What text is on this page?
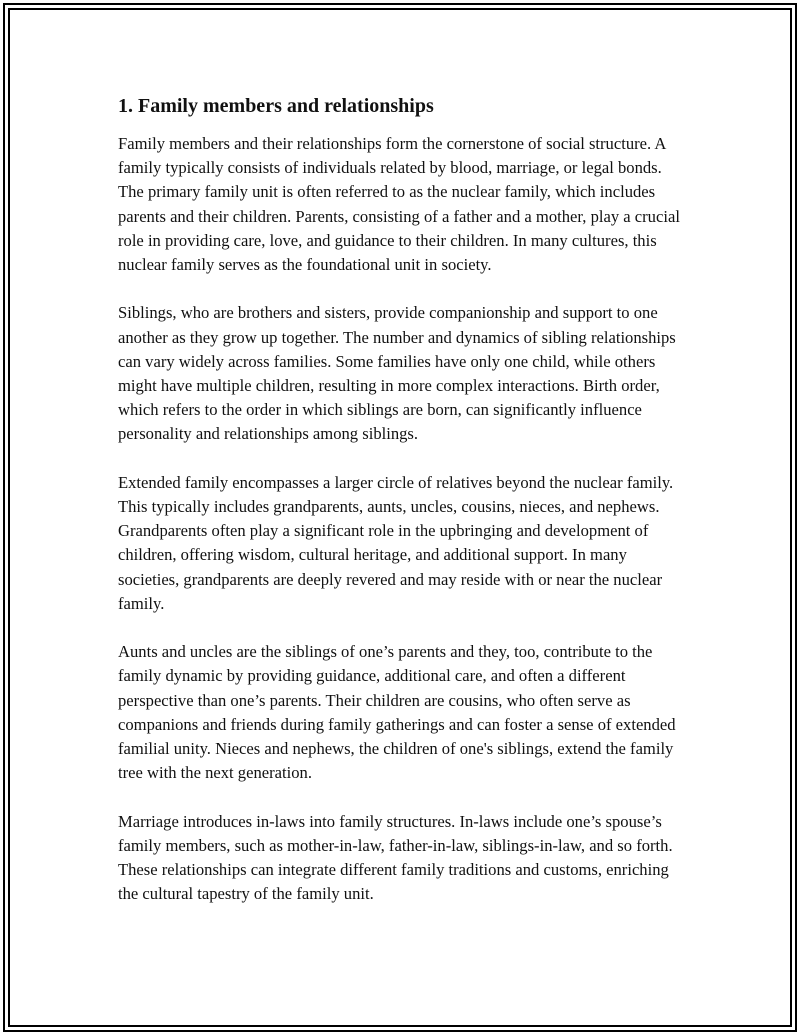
1. Family members and relationships

Family members and their relationships form the cornerstone of social structure. A family typically consists of individuals related by blood, marriage, or legal bonds. The primary family unit is often referred to as the nuclear family, which includes parents and their children. Parents, consisting of a father and a mother, play a crucial role in providing care, love, and guidance to their children. In many cultures, this nuclear family serves as the foundational unit in society.

Siblings, who are brothers and sisters, provide companionship and support to one another as they grow up together. The number and dynamics of sibling relationships can vary widely across families. Some families have only one child, while others might have multiple children, resulting in more complex interactions. Birth order, which refers to the order in which siblings are born, can significantly influence personality and relationships among siblings.

Extended family encompasses a larger circle of relatives beyond the nuclear family. This typically includes grandparents, aunts, uncles, cousins, nieces, and nephews. Grandparents often play a significant role in the upbringing and development of children, offering wisdom, cultural heritage, and additional support. In many societies, grandparents are deeply revered and may reside with or near the nuclear family.

Aunts and uncles are the siblings of one’s parents and they, too, contribute to the family dynamic by providing guidance, additional care, and often a different perspective than one’s parents. Their children are cousins, who often serve as companions and friends during family gatherings and can foster a sense of extended familial unity. Nieces and nephews, the children of one's siblings, extend the family tree with the next generation.

Marriage introduces in-laws into family structures. In-laws include one’s spouse’s family members, such as mother-in-law, father-in-law, siblings-in-law, and so forth. These relationships can integrate different family traditions and customs, enriching the cultural tapestry of the family unit.
